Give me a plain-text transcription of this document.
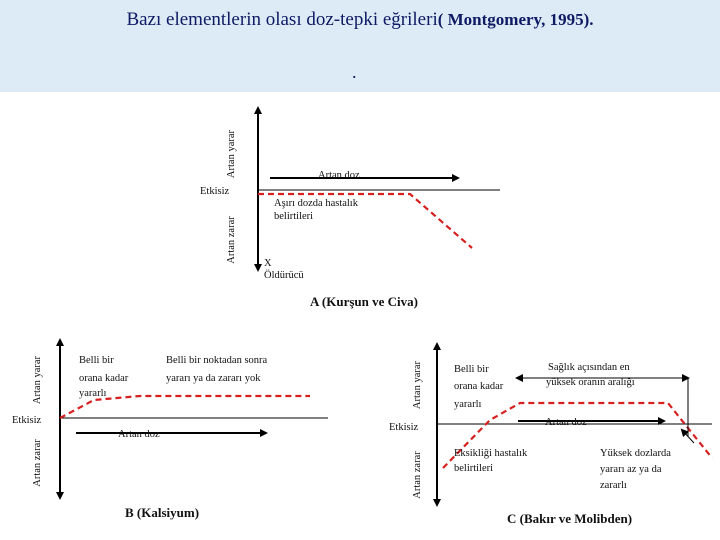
Bazı elementlerin olası doz-tepki eğrileri( Montgomery, 1995).
.
Artan yarar
Artan zarar
Etkisiz
Artan doz
Aşırı dozda hastalık
belirtileri
X
Öldürücü
A (Kurşun ve Civa)
Artan yarar
Artan zarar
Etkisiz
Artan doz
Belli bir
orana kadar
yararlı
Belli bir noktadan sonra
yararı ya da zararı yok
B (Kalsiyum)
Artan yarar
Artan zarar
Etkisiz	Artan doz
Belli bir
orana kadar
yararlı
Sağlık açısından en
yüksek oranın aralığı
Eksikliği hastalık
belirtileri
Yüksek dozlarda
yararı az ya da
zararlı
C (Bakır ve Molibden)
